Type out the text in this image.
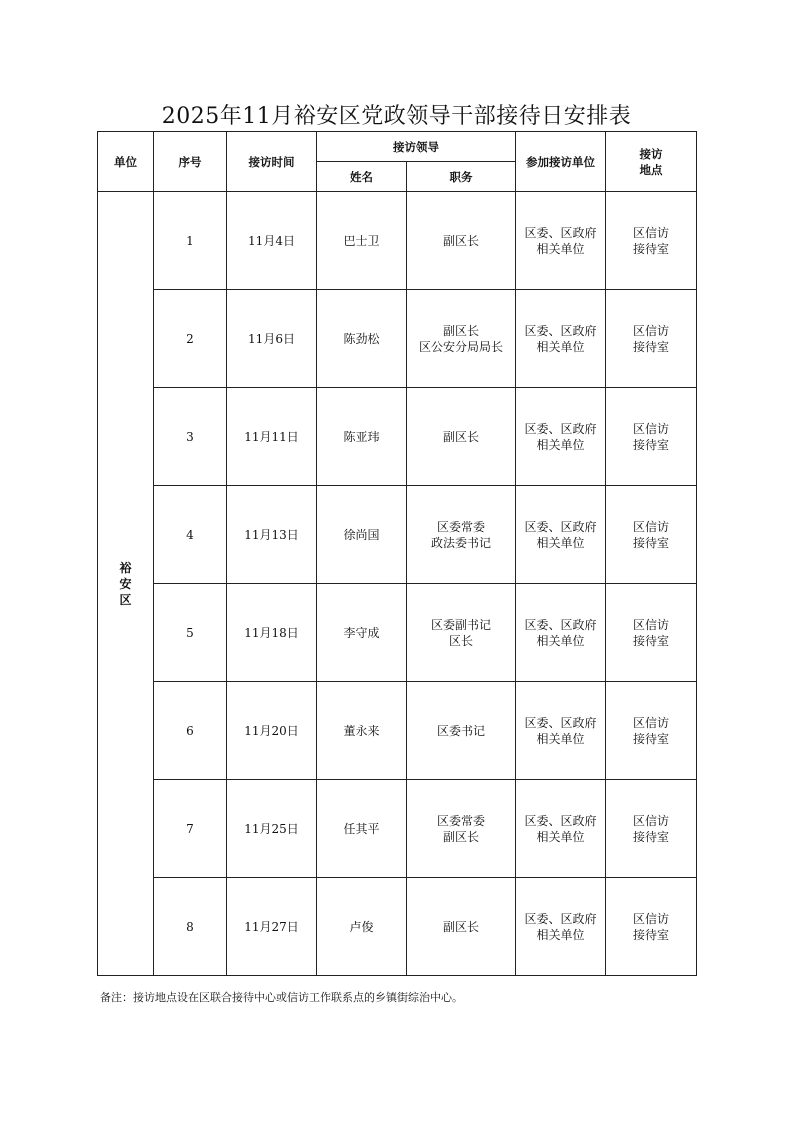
2025年11月裕安区党政领导干部接待日安排表
单位	序号	接访时间	接访领导		参加接访单位	接访
地点

			姓名	职务		

裕
安
区	1	11月4日	巴士卫	副区长	区委、区政府
相关单位	区信访
接待室

	2	11月6日	陈劲松	副区长
区公安分局局长	区委、区政府
相关单位	区信访
接待室

	3	11月11日	陈亚玮	副区长	区委、区政府
相关单位	区信访
接待室

	4	11月13日	徐尚国	区委常委
政法委书记	区委、区政府
相关单位	区信访
接待室

	5	11月18日	李守成	区委副书记
区长	区委、区政府
相关单位	区信访
接待室

	6	11月20日	董永来	区委书记	区委、区政府
相关单位	区信访
接待室

	7	11月25日	任其平	区委常委
副区长	区委、区政府
相关单位	区信访
接待室

	8	11月27日	卢俊	副区长	区委、区政府
相关单位	区信访
接待室
备注：接访地点设在区联合接待中心或信访工作联系点的乡镇街综治中心。
